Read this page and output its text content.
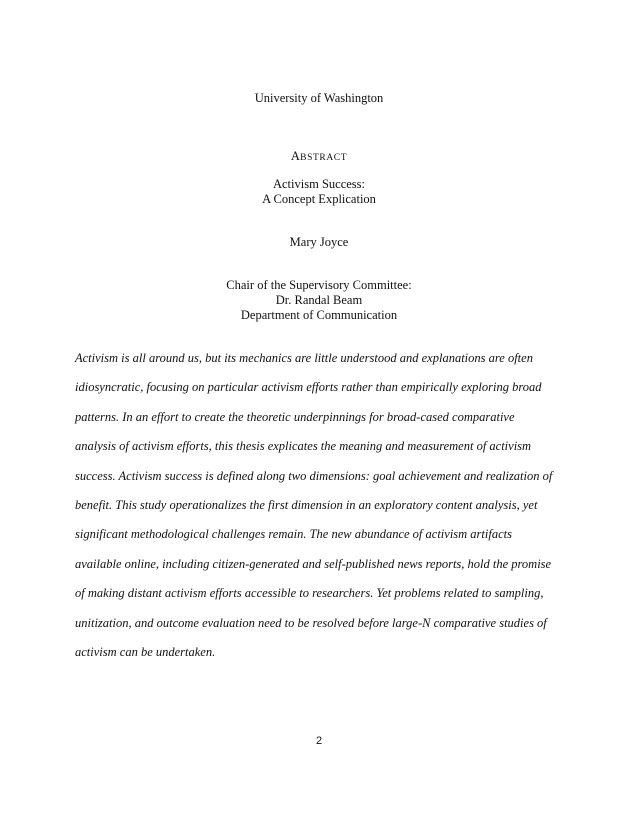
University of Washington
ABSTRACT
Activism Success:
A Concept Explication
Mary Joyce
Chair of the Supervisory Committee:
Dr. Randal Beam
Department of Communication
Activism is all around us, but its mechanics are little understood and explanations are often
idiosyncratic, focusing on particular activism efforts rather than empirically exploring broad
patterns. In an effort to create the theoretic underpinnings for broad-cased comparative
analysis of activism efforts, this thesis explicates the meaning and measurement of activism
success. Activism success is defined along two dimensions: goal achievement and realization of
benefit. This study operationalizes the first dimension in an exploratory content analysis, yet
significant methodological challenges remain. The new abundance of activism artifacts
available online, including citizen-generated and self-published news reports, hold the promise
of making distant activism efforts accessible to researchers. Yet problems related to sampling,
unitization, and outcome evaluation need to be resolved before large-N comparative studies of
activism can be undertaken.
2
